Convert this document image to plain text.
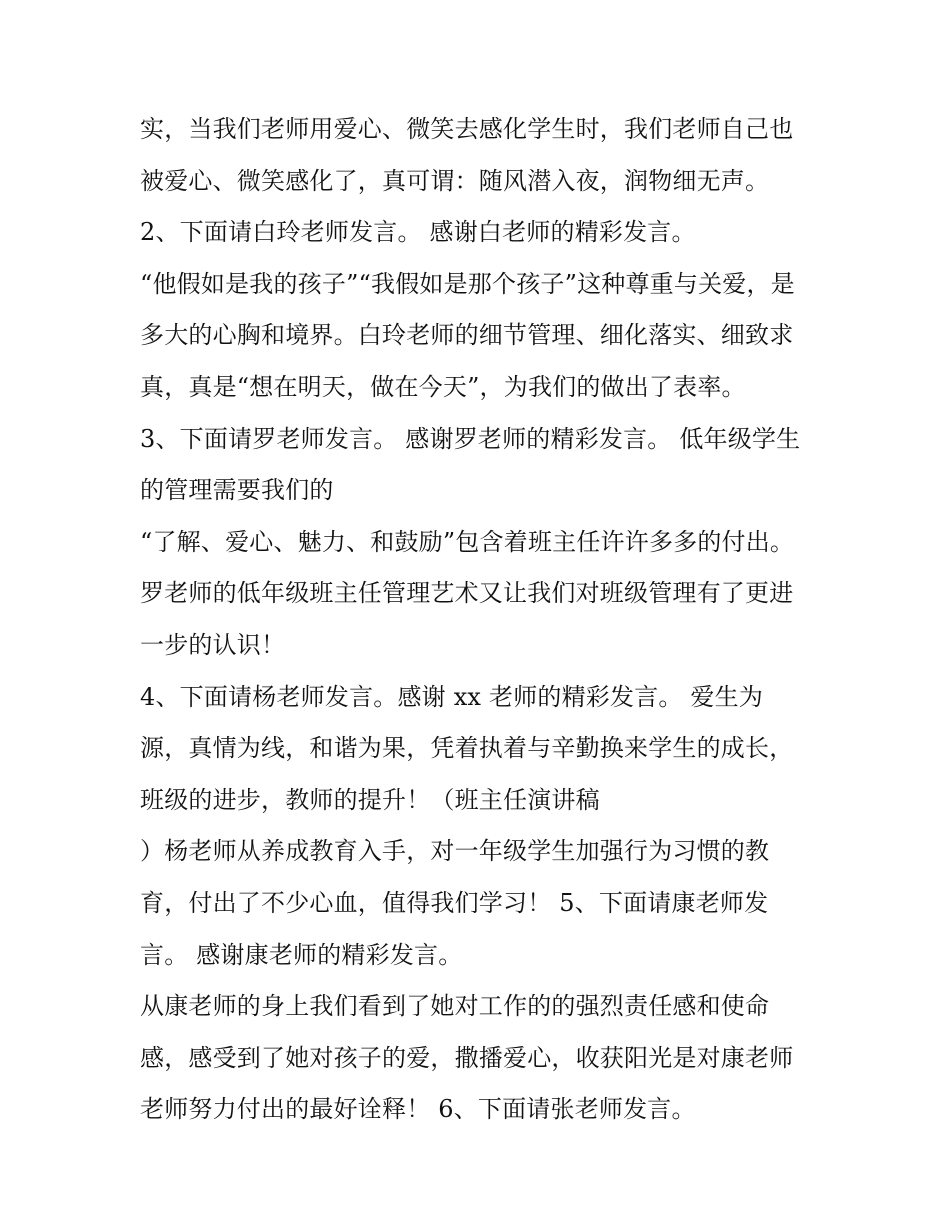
实，当我们老师用爱心、微笑去感化学生时，我们老师自己也
被爱心、微笑感化了，真可谓：随风潜入夜，润物细无声。
2、下面请白玲老师发言。 感谢白老师的精彩发言。
“他假如是我的孩子”“我假如是那个孩子”这种尊重与关爱，是
多大的心胸和境界。白玲老师的细节管理、细化落实、细致求
真，真是“想在明天，做在今天”，为我们的做出了表率。
3、下面请罗老师发言。 感谢罗老师的精彩发言。 低年级学生
的管理需要我们的
“了解、爱心、魅力、和鼓励”包含着班主任许许多多的付出。
罗老师的低年级班主任管理艺术又让我们对班级管理有了更进
一步的认识！
4、下面请杨老师发言。感谢 xx 老师的精彩发言。 爱生为
源，真情为线，和谐为果，凭着执着与辛勤换来学生的成长，
班级的进步，教师的提升！（班主任演讲稿
）杨老师从养成教育入手，对一年级学生加强行为习惯的教
育，付出了不少心血，值得我们学习！ 5、下面请康老师发
言。 感谢康老师的精彩发言。
从康老师的身上我们看到了她对工作的的强烈责任感和使命
感，感受到了她对孩子的爱，撒播爱心，收获阳光是对康老师
老师努力付出的最好诠释！ 6、下面请张老师发言。
